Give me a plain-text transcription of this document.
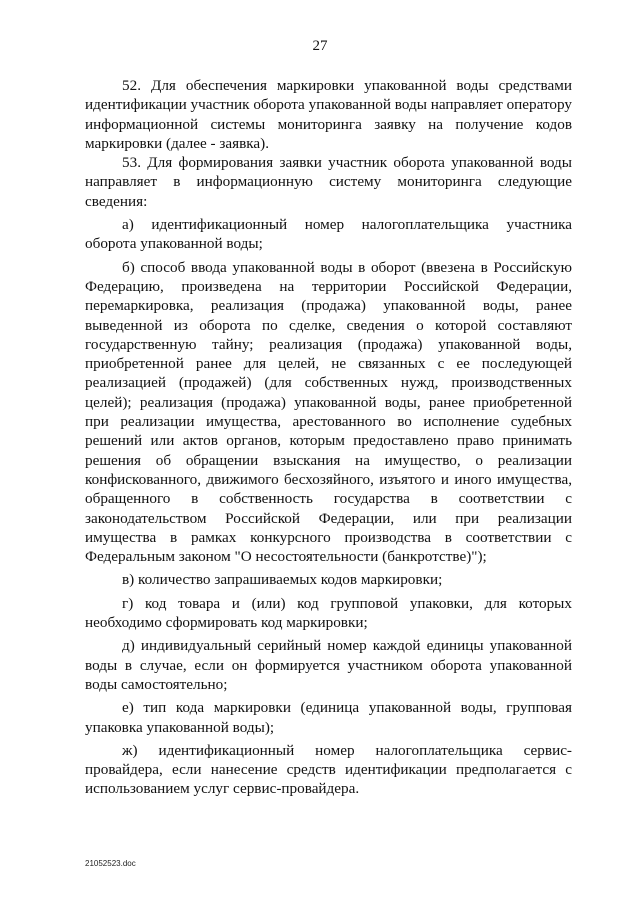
27

52. Для обеспечения маркировки упакованной воды средствами идентификации участник оборота упакованной воды направляет оператору информационной системы мониторинга заявку на получение кодов маркировки (далее - заявка).

53. Для формирования заявки участник оборота упакованной воды направляет в информационную систему мониторинга следующие сведения:

а) идентификационный номер налогоплательщика участника оборота упакованной воды;

б) способ ввода упакованной воды в оборот (ввезена в Российскую Федерацию, произведена на территории Российской Федерации, перемаркировка, реализация (продажа) упакованной воды, ранее выведенной из оборота по сделке, сведения о которой составляют государственную тайну; реализация (продажа) упакованной воды, приобретенной ранее для целей, не связанных с ее последующей реализацией (продажей) (для собственных нужд, производственных целей); реализация (продажа) упакованной воды, ранее приобретенной при реализации имущества, арестованного во исполнение судебных решений или актов органов, которым предоставлено право принимать решения об обращении взыскания на имущество, о реализации конфискованного, движимого бесхозяйного, изъятого и иного имущества, обращенного в собственность государства в соответствии с законодательством Российской Федерации, или при реализации имущества в рамках конкурсного производства в соответствии с Федеральным законом "О несостоятельности (банкротстве)");

в) количество запрашиваемых кодов маркировки;

г) код товара и (или) код групповой упаковки, для которых необходимо сформировать код маркировки;

д) индивидуальный серийный номер каждой единицы упакованной воды в случае, если он формируется участником оборота упакованной воды самостоятельно;

е) тип кода маркировки (единица упакованной воды, групповая упаковка упакованной воды);

ж) идентификационный номер налогоплательщика сервис-провайдера, если нанесение средств идентификации предполагается с использованием услуг сервис-провайдера.

21052523.doc
